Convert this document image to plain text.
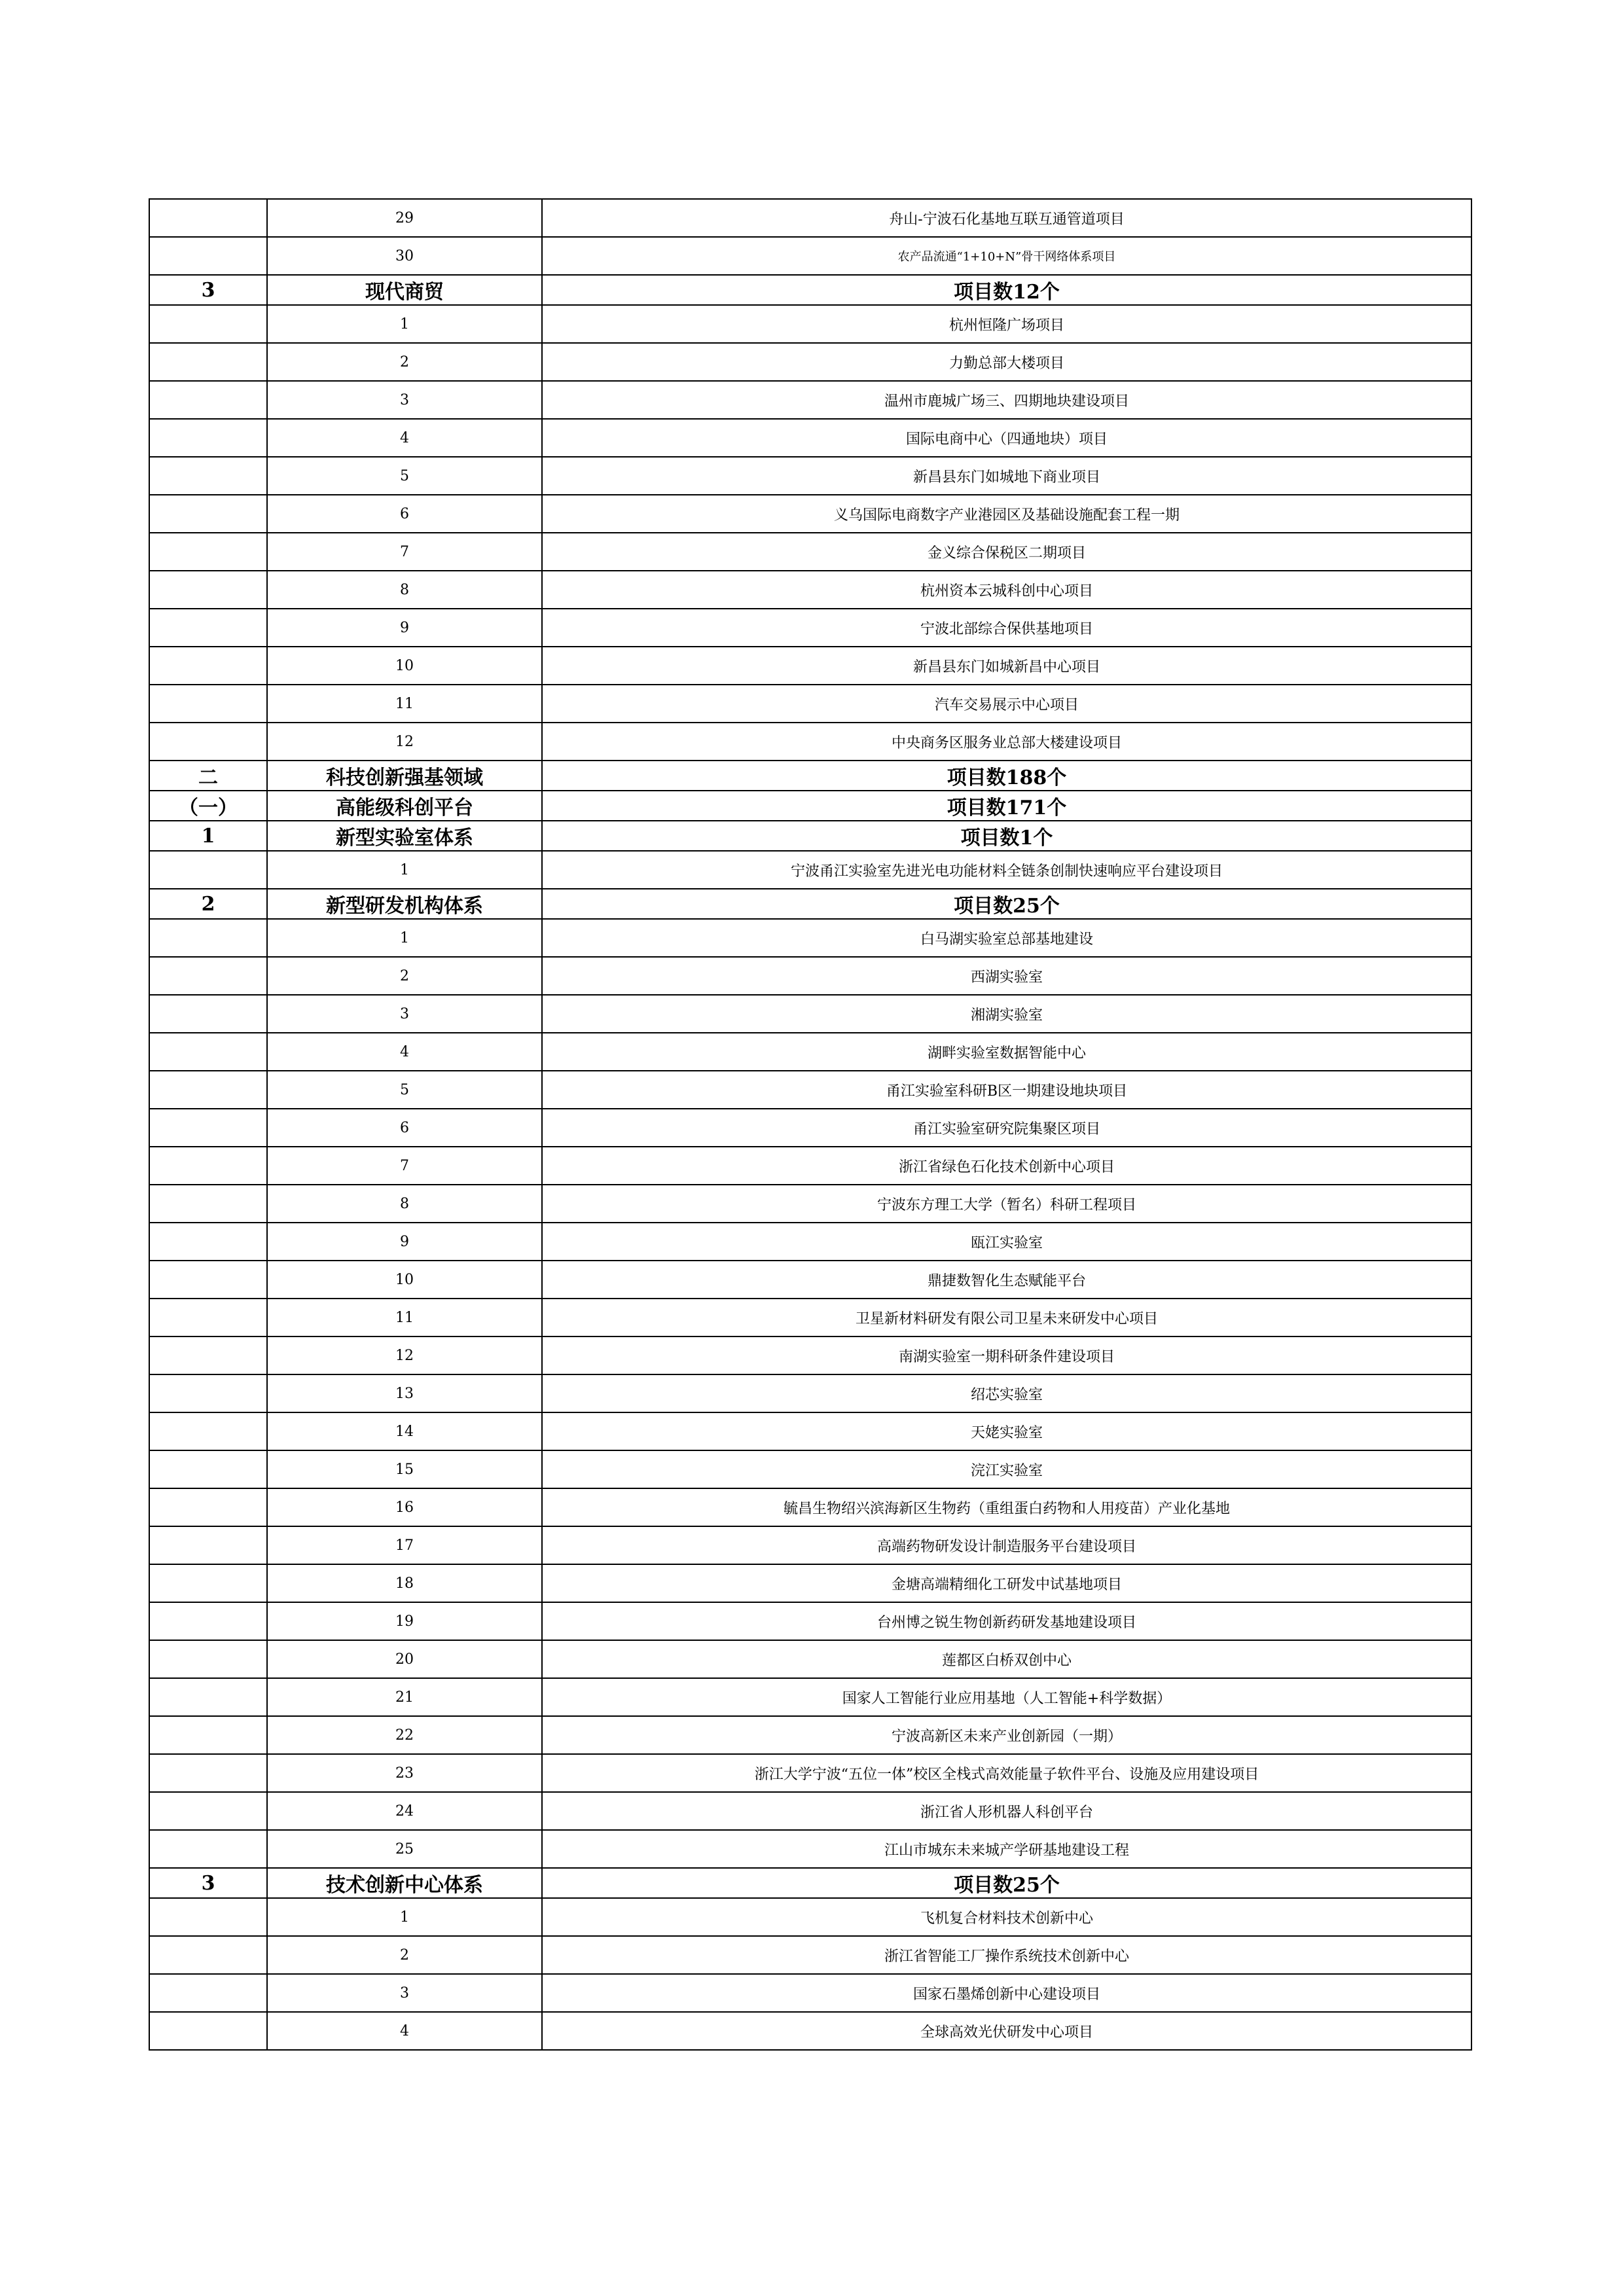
	29	舟山-宁波石化基地互联互通管道项目
	30	农产品流通“1+10+N”骨干网络体系项目
3	现代商贸	项目数12个
	1	杭州恒隆广场项目
	2	力勤总部大楼项目
	3	温州市鹿城广场三、四期地块建设项目
	4	国际电商中心（四通地块）项目
	5	新昌县东门如城地下商业项目
	6	义乌国际电商数字产业港园区及基础设施配套工程一期
	7	金义综合保税区二期项目
	8	杭州资本云城科创中心项目
	9	宁波北部综合保供基地项目
	10	新昌县东门如城新昌中心项目
	11	汽车交易展示中心项目
	12	中央商务区服务业总部大楼建设项目
二	科技创新强基领域	项目数188个
（一）	高能级科创平台	项目数171个
1	新型实验室体系	项目数1个
	1	宁波甬江实验室先进光电功能材料全链条创制快速响应平台建设项目
2	新型研发机构体系	项目数25个
	1	白马湖实验室总部基地建设
	2	西湖实验室
	3	湘湖实验室
	4	湖畔实验室数据智能中心
	5	甬江实验室科研B区一期建设地块项目
	6	甬江实验室研究院集聚区项目
	7	浙江省绿色石化技术创新中心项目
	8	宁波东方理工大学（暂名）科研工程项目
	9	瓯江实验室
	10	鼎捷数智化生态赋能平台
	11	卫星新材料研发有限公司卫星未来研发中心项目
	12	南湖实验室一期科研条件建设项目
	13	绍芯实验室
	14	天姥实验室
	15	浣江实验室
	16	毓昌生物绍兴滨海新区生物药（重组蛋白药物和人用疫苗）产业化基地
	17	高端药物研发设计制造服务平台建设项目
	18	金塘高端精细化工研发中试基地项目
	19	台州博之锐生物创新药研发基地建设项目
	20	莲都区白桥双创中心
	21	国家人工智能行业应用基地（人工智能+科学数据）
	22	宁波高新区未来产业创新园（一期）
	23	浙江大学宁波“五位一体”校区全栈式高效能量子软件平台、设施及应用建设项目
	24	浙江省人形机器人科创平台
	25	江山市城东未来城产学研基地建设工程
3	技术创新中心体系	项目数25个
	1	飞机复合材料技术创新中心
	2	浙江省智能工厂操作系统技术创新中心
	3	国家石墨烯创新中心建设项目
	4	全球高效光伏研发中心项目
